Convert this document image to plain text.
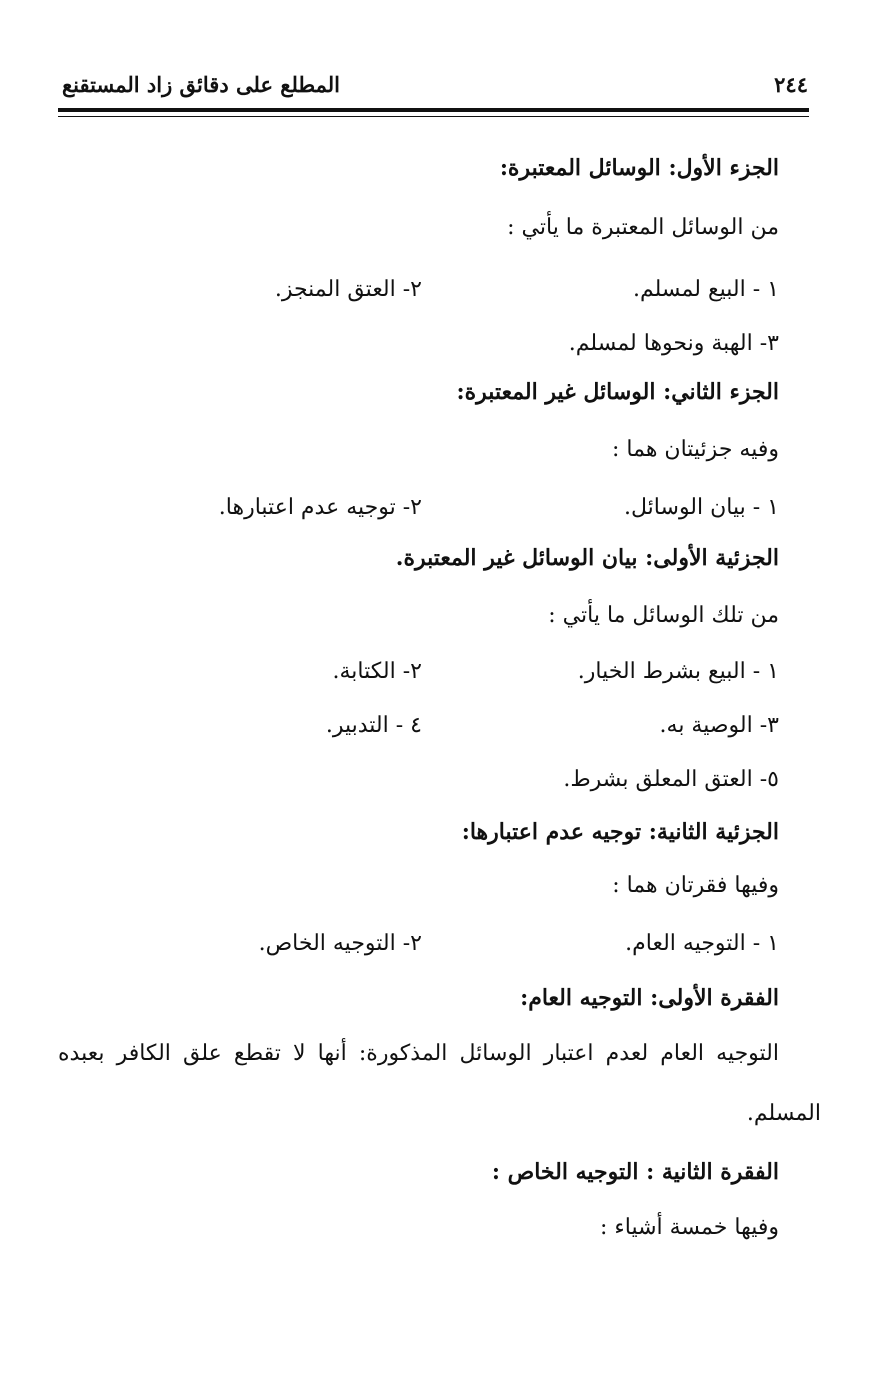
٢٤٤
المطلع على دقائق زاد المستقنع
الجزء الأول: الوسائل المعتبرة:
من الوسائل المعتبرة ما يأتي :
١ - البيع لمسلم.
٢- العتق المنجز.
٣- الهبة ونحوها لمسلم.
الجزء الثاني: الوسائل غير المعتبرة:
وفيه جزئيتان هما :
١ - بيان الوسائل.
٢- توجيه عدم اعتبارها.
الجزئية الأولى: بيان الوسائل غير المعتبرة.
من تلك الوسائل ما يأتي :
١ - البيع بشرط الخيار.
٢- الكتابة.
٣- الوصية به.
٤ - التدبير.
٥- العتق المعلق بشرط.
الجزئية الثانية: توجيه عدم اعتبارها:
وفيها فقرتان هما :
١ - التوجيه العام.
٢- التوجيه الخاص.
الفقرة الأولى: التوجيه العام:
التوجيه العام لعدم اعتبار الوسائل المذكورة: أنها لا تقطع علق الكافر بعبده
المسلم.
الفقرة الثانية : التوجيه الخاص :
وفيها خمسة أشياء :
